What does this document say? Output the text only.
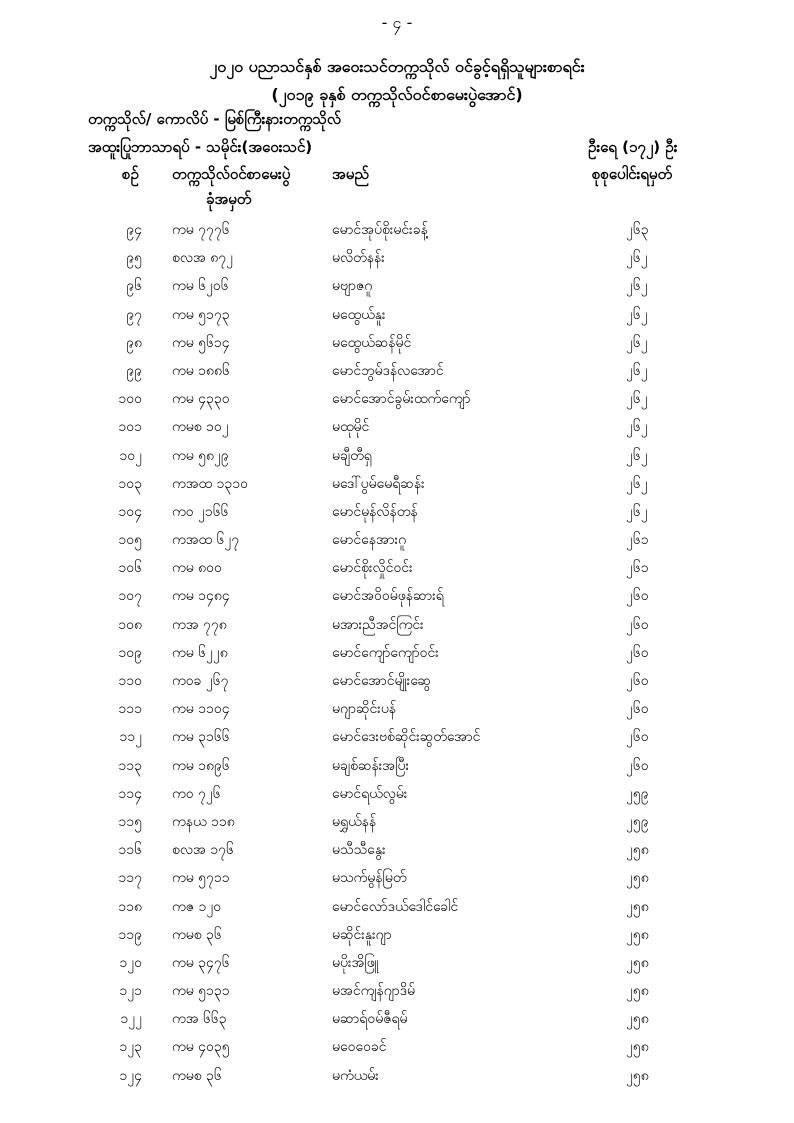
- ၄ -
၂၀၂၀ ပညာသင်နှစ် အဝေးသင်တက္ကသိုလ် ဝင်ခွင့်ရရှိသူများစာရင်း
(၂၀၁၉ ခုနှစ် တက္ကသိုလ်ဝင်စာမေးပွဲအောင်)
တက္ကသိုလ်/ ကောလိပ် - မြစ်ကြီးနားတက္ကသိုလ်
အထူးပြုဘာသာရပ် - သမိုင်း(အဝေးသင်)	ဦးရေ (၁၇၂) ဦး
စဉ် တက္ကသိုလ်ဝင်စာမေးပွဲ
ခုံအမှတ်
အမည်	စုစုပေါင်းရမှတ်
၉၄ ကမ ၇၇၇၆	မောင်အုပ်စိုးမင်းခန့်	၂၆၃
၉၅ စလအ ၈၇၂	မလိတ်နန်း	၂၆၂
၉၆ ကမ ၆၂၀၆	မဗျာဇဂူ	၂၆၂
၉၇ ကမ ၅၁၇၃	မထွေယ်နူး	၂၆၂
၉၈ ကမ ၅၆၁၄	မထွေယ်ဆန်မိုင်	၂၆၂
၉၉ ကမ ၁၈၈၆	မောင်ဘွမ်ဒန်လအောင်	၂၆၂
၁၀၀ ကမ ၄၃၃၀	မောင်အောင်ခွမ်းထက်ကျော်	၂၆၂
၁၀၁ ကမစ ၁၀၂	မထုမိုင်	၂၆၂
၁၀၂ ကမ ၅၈၂၉	မချီတီရှ	၂၆၂
၁၀၃ ကအထ ၁၃၁၀	မဒေါ်ပွမ်မေရီဆန်း	၂၆၂
၁၀၄ ကဝ ၂၁၆၆	မောင်မုန်လိန်တန်	၂၆၂
၁၀၅ ကအထ ၆၂၇	မောင်နေအားဂူ	၂၆၁
၁၀၆ ကမ ၈၀၀	မောင်စိုးလှိုင်ဝင်း	၂၆၁
၁၀၇ ကမ ၁၄၈၄	မောင်အဝိဝမ်ဖုန်ဆားရ်	၂၆၀
၁၀၈ ကအ ၇၇၈	မအားညီအင်ကြင်း	၂၆၀
၁၀၉ ကမ ၆၂၂၈	မောင်ကျော်ကျော်ဝင်း	၂၆၀
၁၁၀ ကဝခ ၂၆၇	မောင်အောင်မျိုးဆွေ	၂၆၀
၁၁၁ ကမ ၁၁၀၄	မဂျာဆိုင်းပန်	၂၆၀
၁၁၂ ကမ ၃၁၆၆	မောင်ဒေးဗစ်ဆိုင်းဆွတ်အောင်	၂၆၀
၁၁၃ ကမ ၁၈၉၆	မချစ်ဆန်းအပြီး	၂၆၀
၁၁၄ ကဝ ၇၂၆	မောင်ရယ်လွမ်း	၂၅၉
၁၁၅ ကနယ ၁၁၈	မရွှယ်နန်	၂၅၉
၁၁၆ စလအ ၁၇၆	မသီသီနွေး	၂၅၈
၁၁၇ ကမ ၅၇၁၁	မသက်မွန်မြတ်	၂၅၈
၁၁၈ ကဇ ၁၂၀	မောင်လော်ဒယ်ဒေါင်ခေါင်	၂၅၈
၁၁၉ ကမစ ၃၆	မဆိုင်းနူးဂျာ	၂၅၈
၁၂၀ ကမ ၃၄၇၆	မပိုးအိဖြူ	၂၅၈
၁၂၁ ကမ ၅၁၃၁	မအင်ကျန်ဂျာဒိမ်	၂၅၈
၁၂၂ ကအ ၆၆၃	မဆာရ်ဝမ်ဇီရမ်	၂၅၈
၁၂၃ ကမ ၄၀၃၅	မဝေဝေခင်	၂၅၈
၁၂၄ ကမစ ၃၆	မကံယမ်း	၂၅၈
